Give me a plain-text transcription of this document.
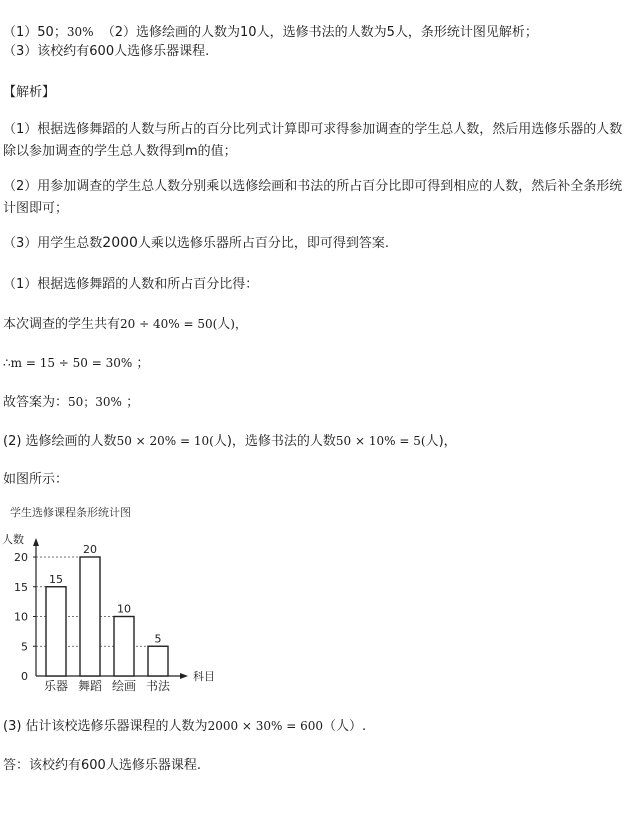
（1）50；30% （2）选修绘画的人数为10人，选修书法的人数为5人，条形统计图见解析；
（3）该校约有600人选修乐器课程.
【解析】
（1）根据选修舞蹈的人数与所占的百分比列式计算即可求得参加调查的学生总人数，然后用选修乐器的人数除以参加调查的学生总人数得到m的值；
（2）用参加调查的学生总人数分别乘以选修绘画和书法的所占百分比即可得到相应的人数，然后补全条形统计图即可；
（3）用学生总数2000人乘以选修乐器所占百分比，即可得到答案.
（1）根据选修舞蹈的人数和所占百分比得：
本次调查的学生共有20 ÷ 40% = 50(人)，
∴m = 15 ÷ 50 = 30% ；
故答案为：50；30% ；
(2) 选修绘画的人数50 × 20% = 10(人)，选修书法的人数50 × 10% = 5(人)，
如图所示：
学生选修课程条形统计图
人数
科目
0
5
10
15
20
15
乐器
20
舞蹈
10
绘画
5
书法
(3) 估计该校选修乐器课程的人数为2000 × 30% = 600（人）.
答：该校约有600人选修乐器课程.
